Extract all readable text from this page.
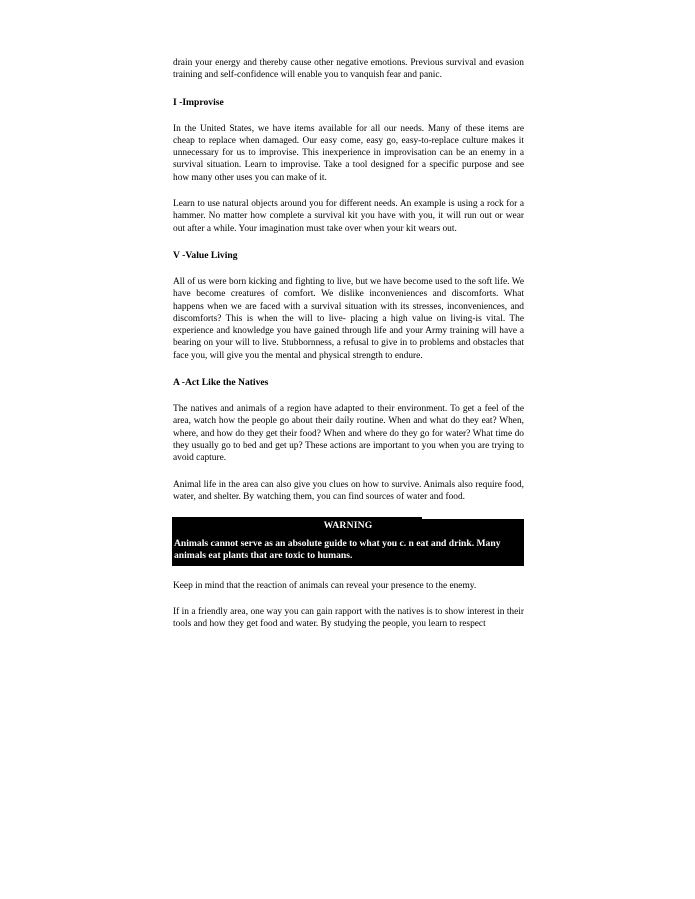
drain your energy and thereby cause other negative emotions. Previous survival and evasion training and self-confidence will enable you to vanquish fear and panic.

I -Improvise

In the United States, we have items available for all our needs. Many of these items are cheap to replace when damaged. Our easy come, easy go, easy-to-replace culture makes it unnecessary for us to improvise. This inexperience in improvisation can be an enemy in a survival situation. Learn to improvise. Take a tool designed for a specific purpose and see how many other uses you can make of it.

Learn to use natural objects around you for different needs. An example is using a rock for a hammer. No matter how complete a survival kit you have with you, it will run out or wear out after a while. Your imagination must take over when your kit wears out.

V -Value Living

All of us were born kicking and fighting to live, but we have become used to the soft life. We have become creatures of comfort. We dislike inconveniences and discomforts. What happens when we are faced with a survival situation with its stresses, inconveniences, and discomforts? This is when the will to live- placing a high value on living-is vital. The experience and knowledge you have gained through life and your Army training will have a bearing on your will to live. Stubbornness, a refusal to give in to problems and obstacles that face you, will give you the mental and physical strength to endure.

A -Act Like the Natives

The natives and animals of a region have adapted to their environment. To get a feel of the area, watch how the people go about their daily routine. When and what do they eat? When, where, and how do they get their food? When and where do they go for water? What time do they usually go to bed and get up? These actions are important to you when you are trying to avoid capture.

Animal life in the area can also give you clues on how to survive. Animals also require food, water, and shelter. By watching them, you can find sources of water and food.

WARNING

Animals cannot serve as an absolute guide to what you c. n eat and drink. Many animals eat plants that are toxic to humans.

Keep in mind that the reaction of animals can reveal your presence to the enemy.

If in a friendly area, one way you can gain rapport with the natives is to show interest in their tools and how they get food and water. By studying the people, you learn to respect
